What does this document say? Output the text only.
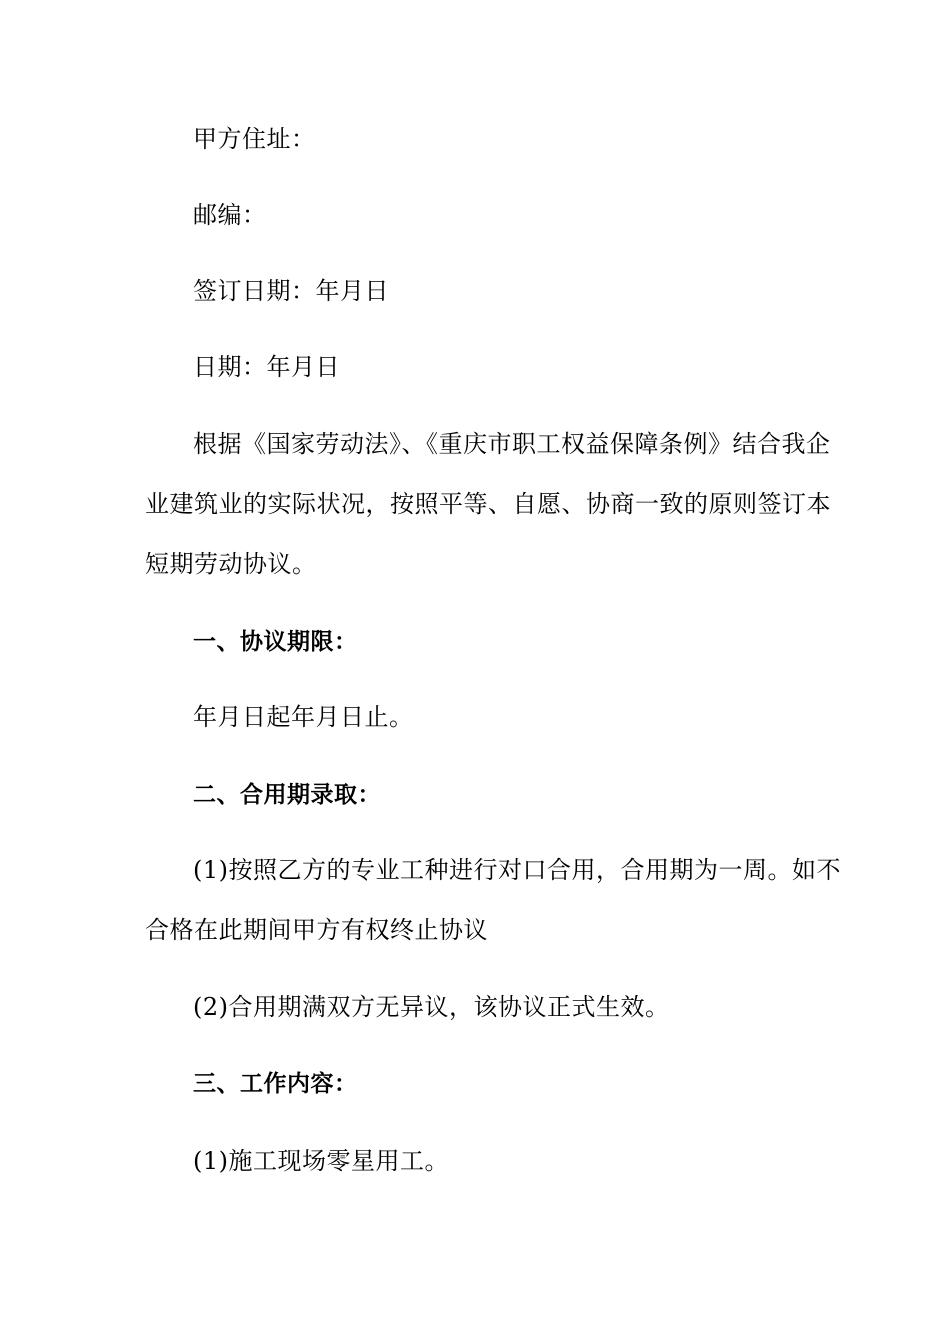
甲方住址：
邮编：
签订日期：年月日
日期：年月日
根据《国家劳动法》、《重庆市职工权益保障条例》结合我企
业建筑业的实际状况，按照平等、自愿、协商一致的原则签订本
短期劳动协议。
一、协议期限：
年月日起年月日止。
二、合用期录取：
(1)按照乙方的专业工种进行对口合用，合用期为一周。如不
合格在此期间甲方有权终止协议
(2)合用期满双方无异议，该协议正式生效。
三、工作内容：
(1)施工现场零星用工。
